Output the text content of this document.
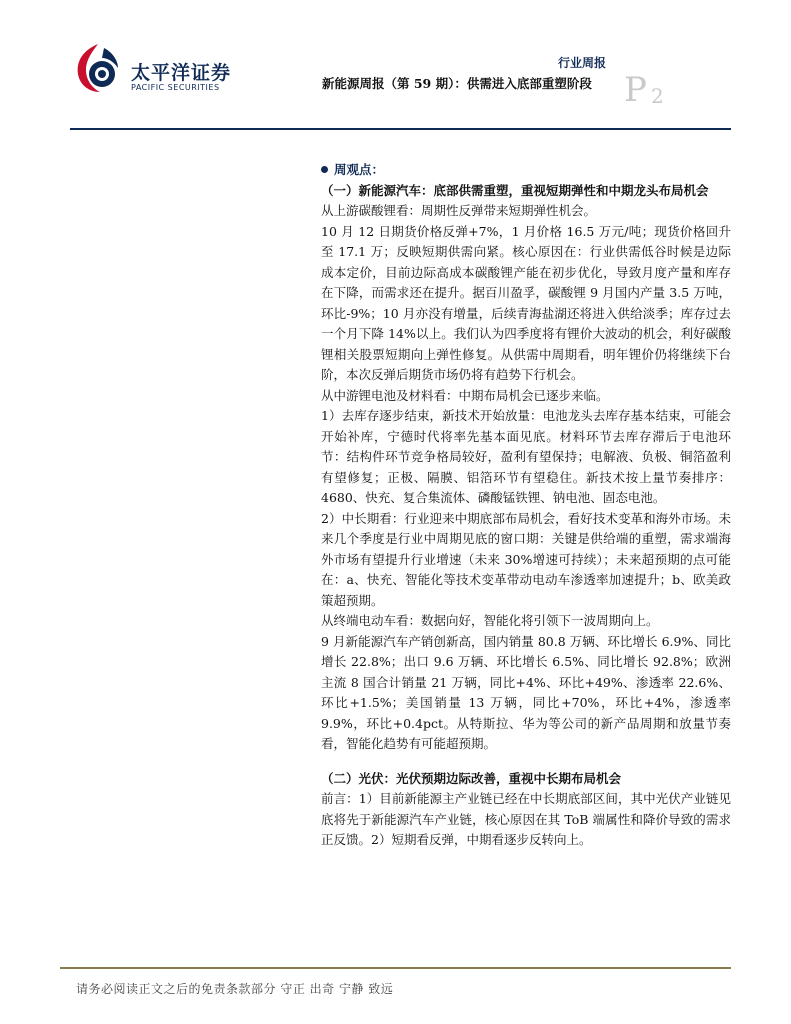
太平洋证券
PACIFIC SECURITIES
行业周报
新能源周报（第 59 期）：供需进入底部重塑阶段 P 2
周观点：
（一）新能源汽车：底部供需重塑，重视短期弹性和中期龙头布局机会
从上游碳酸锂看：周期性反弹带来短期弹性机会。
10 月 12 日期货价格反弹+7%，1 月价格 16.5 万元/吨；现货价格回升至 17.1 万；反映短期供需向紧。核心原因在：行业供需低谷时候是边际成本定价，目前边际高成本碳酸锂产能在初步优化，导致月度产量和库存在下降，而需求还在提升。据百川盈孚，碳酸锂 9 月国内产量 3.5 万吨，环比-9%；10 月亦没有增量，后续青海盐湖还将进入供给淡季；库存过去一个月下降 14%以上。我们认为四季度将有锂价大波动的机会，利好碳酸锂相关股票短期向上弹性修复。从供需中周期看，明年锂价仍将继续下台阶，本次反弹后期货市场仍将有趋势下行机会。
从中游锂电池及材料看：中期布局机会已逐步来临。
1）去库存逐步结束，新技术开始放量：电池龙头去库存基本结束，可能会开始补库，宁德时代将率先基本面见底。材料环节去库存滞后于电池环节：结构件环节竞争格局较好，盈利有望保持；电解液、负极、铜箔盈利有望修复；正极、隔膜、铝箔环节有望稳住。新技术按上量节奏排序：4680、快充、复合集流体、磷酸锰铁锂、钠电池、固态电池。
2）中长期看：行业迎来中期底部布局机会，看好技术变革和海外市场。未来几个季度是行业中周期见底的窗口期：关键是供给端的重塑，需求端海外市场有望提升行业增速（未来 30%增速可持续）；未来超预期的点可能在：a、快充、智能化等技术变革带动电动车渗透率加速提升；b、欧美政策超预期。
从终端电动车看：数据向好，智能化将引领下一波周期向上。
9 月新能源汽车产销创新高，国内销量 80.8 万辆、环比增长 6.9%、同比增长 22.8%；出口 9.6 万辆、环比增长 6.5%、同比增长 92.8%；欧洲主流 8 国合计销量 21 万辆，同比+4%、环比+49%、渗透率 22.6%、环比+1.5%；美国销量 13 万辆，同比+70%，环比+4%，渗透率 9.9%，环比+0.4pct。从特斯拉、华为等公司的新产品周期和放量节奏看，智能化趋势有可能超预期。
（二）光伏：光伏预期边际改善，重视中长期布局机会
前言：1）目前新能源主产业链已经在中长期底部区间，其中光伏产业链见底将先于新能源汽车产业链，核心原因在其 ToB 端属性和降价导致的需求正反馈。2）短期看反弹，中期看逐步反转向上。
请务必阅读正文之后的免责条款部分 守正 出奇 宁静 致远
